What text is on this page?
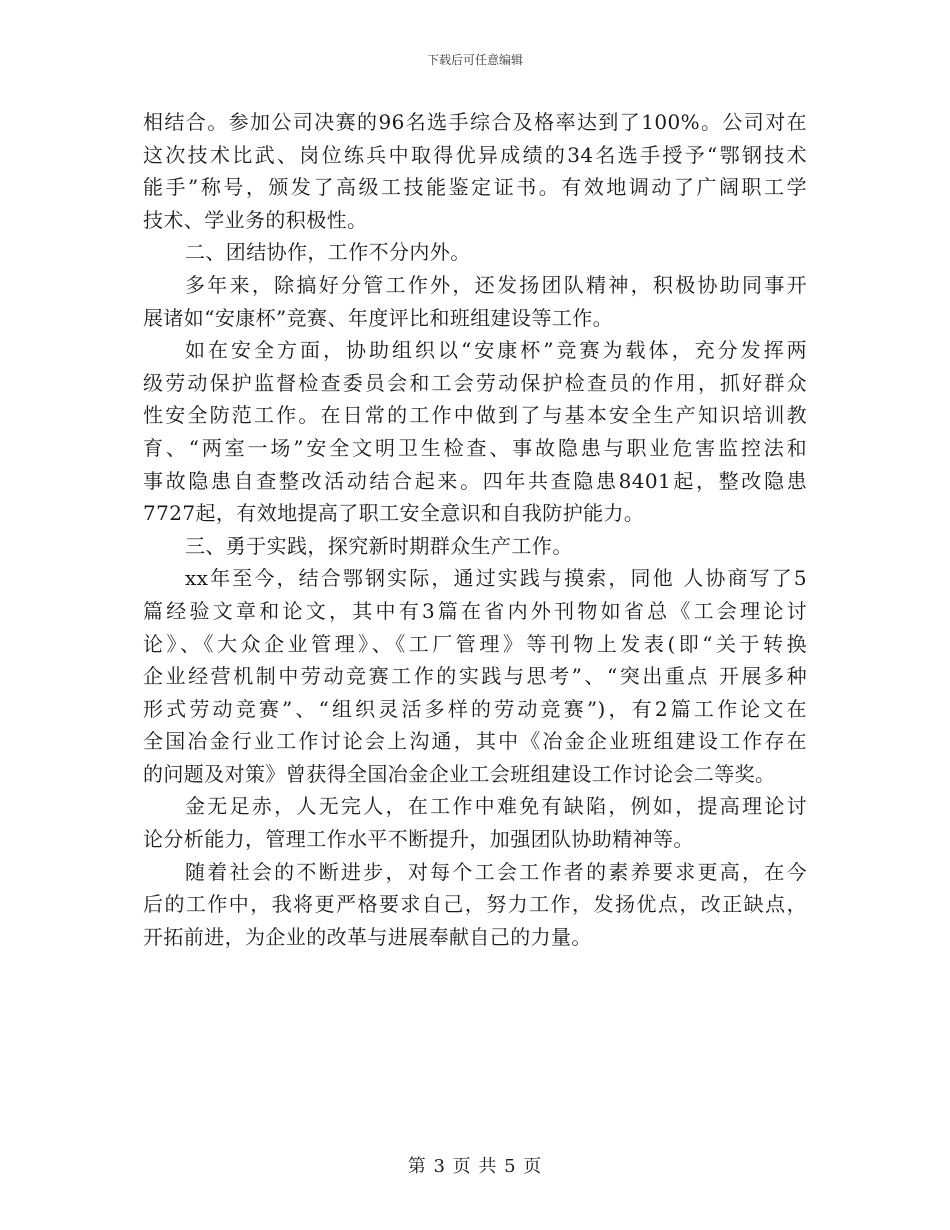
下载后可任意编辑
相结合。参加公司决赛的96名选手综合及格率达到了100%。公司对在
这次技术比武、岗位练兵中取得优异成绩的34名选手授予“鄂钢技术
能手”称号，颁发了高级工技能鉴定证书。有效地调动了广阔职工学
技术、学业务的积极性。
二、团结协作，工作不分内外。
多年来，除搞好分管工作外，还发扬团队精神，积极协助同事开
展诸如“安康杯”竞赛、年度评比和班组建设等工作。
如在安全方面，协助组织以“安康杯”竞赛为载体，充分发挥两
级劳动保护监督检查委员会和工会劳动保护检查员的作用，抓好群众
性安全防范工作。在日常的工作中做到了与基本安全生产知识培训教
育、“两室一场”安全文明卫生检查、事故隐患与职业危害监控法和
事故隐患自查整改活动结合起来。四年共查隐患8401起，整改隐患
7727起，有效地提高了职工安全意识和自我防护能力。
三、勇于实践，探究新时期群众生产工作。
xx年至今，结合鄂钢实际，通过实践与摸索，同他 人协商写了5
篇经验文章和论文，其中有3篇在省内外刊物如省总《工会理论讨
论》、《大众企业管理》、《工厂管理》等刊物上发表(即“关于转换
企业经营机制中劳动竞赛工作的实践与思考”、“突出重点 开展多种
形式劳动竞赛”、“组织灵活多样的劳动竞赛”)，有2篇工作论文在
全国冶金行业工作讨论会上沟通，其中《冶金企业班组建设工作存在
的问题及对策》曾获得全国冶金企业工会班组建设工作讨论会二等奖。
金无足赤，人无完人，在工作中难免有缺陷，例如，提高理论讨
论分析能力，管理工作水平不断提升，加强团队协助精神等。
随着社会的不断进步，对每个工会工作者的素养要求更高，在今
后的工作中，我将更严格要求自己，努力工作，发扬优点，改正缺点，
开拓前进，为企业的改革与进展奉献自己的力量。
第 3 页 共 5 页
